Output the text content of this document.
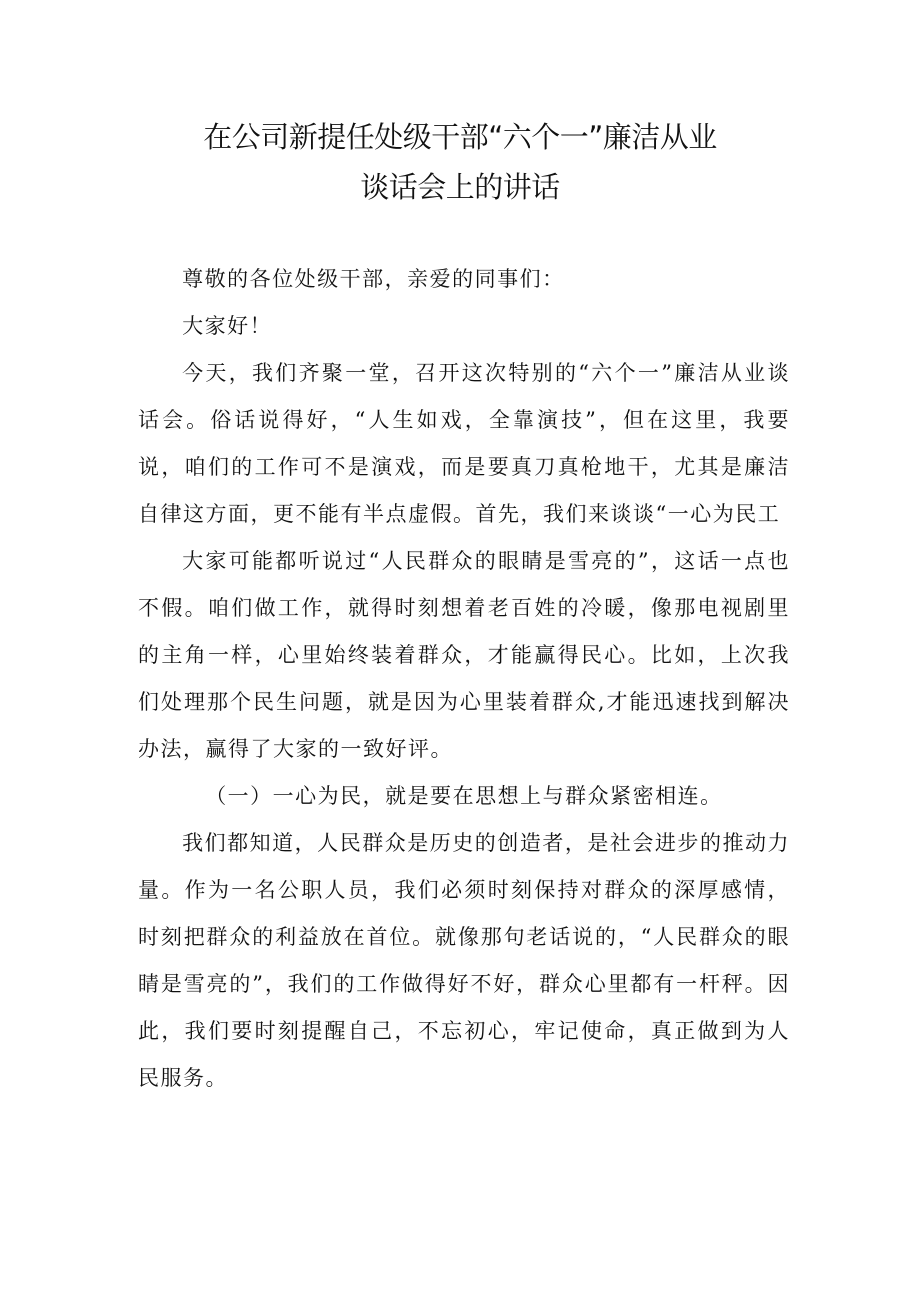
在公司新提任处级干部“六个一”廉洁从业
谈话会上的讲话

尊敬的各位处级干部，亲爱的同事们：

大家好！

今天，我们齐聚一堂，召开这次特别的“六个一”廉洁从业谈话会。俗话说得好，“人生如戏，全靠演技”，但在这里，我要说，咱们的工作可不是演戏，而是要真刀真枪地干，尤其是廉洁自律这方面，更不能有半点虚假。首先，我们来谈谈“一心为民工

大家可能都听说过“人民群众的眼睛是雪亮的”，这话一点也不假。咱们做工作，就得时刻想着老百姓的冷暖，像那电视剧里的主角一样，心里始终装着群众，才能赢得民心。比如，上次我们处理那个民生问题，就是因为心里装着群众,才能迅速找到解决办法，赢得了大家的一致好评。

（一）一心为民，就是要在思想上与群众紧密相连。

我们都知道，人民群众是历史的创造者，是社会进步的推动力量。作为一名公职人员，我们必须时刻保持对群众的深厚感情，时刻把群众的利益放在首位。就像那句老话说的，“人民群众的眼睛是雪亮的”，我们的工作做得好不好，群众心里都有一杆秤。因此，我们要时刻提醒自己，不忘初心，牢记使命，真正做到为人民服务。
